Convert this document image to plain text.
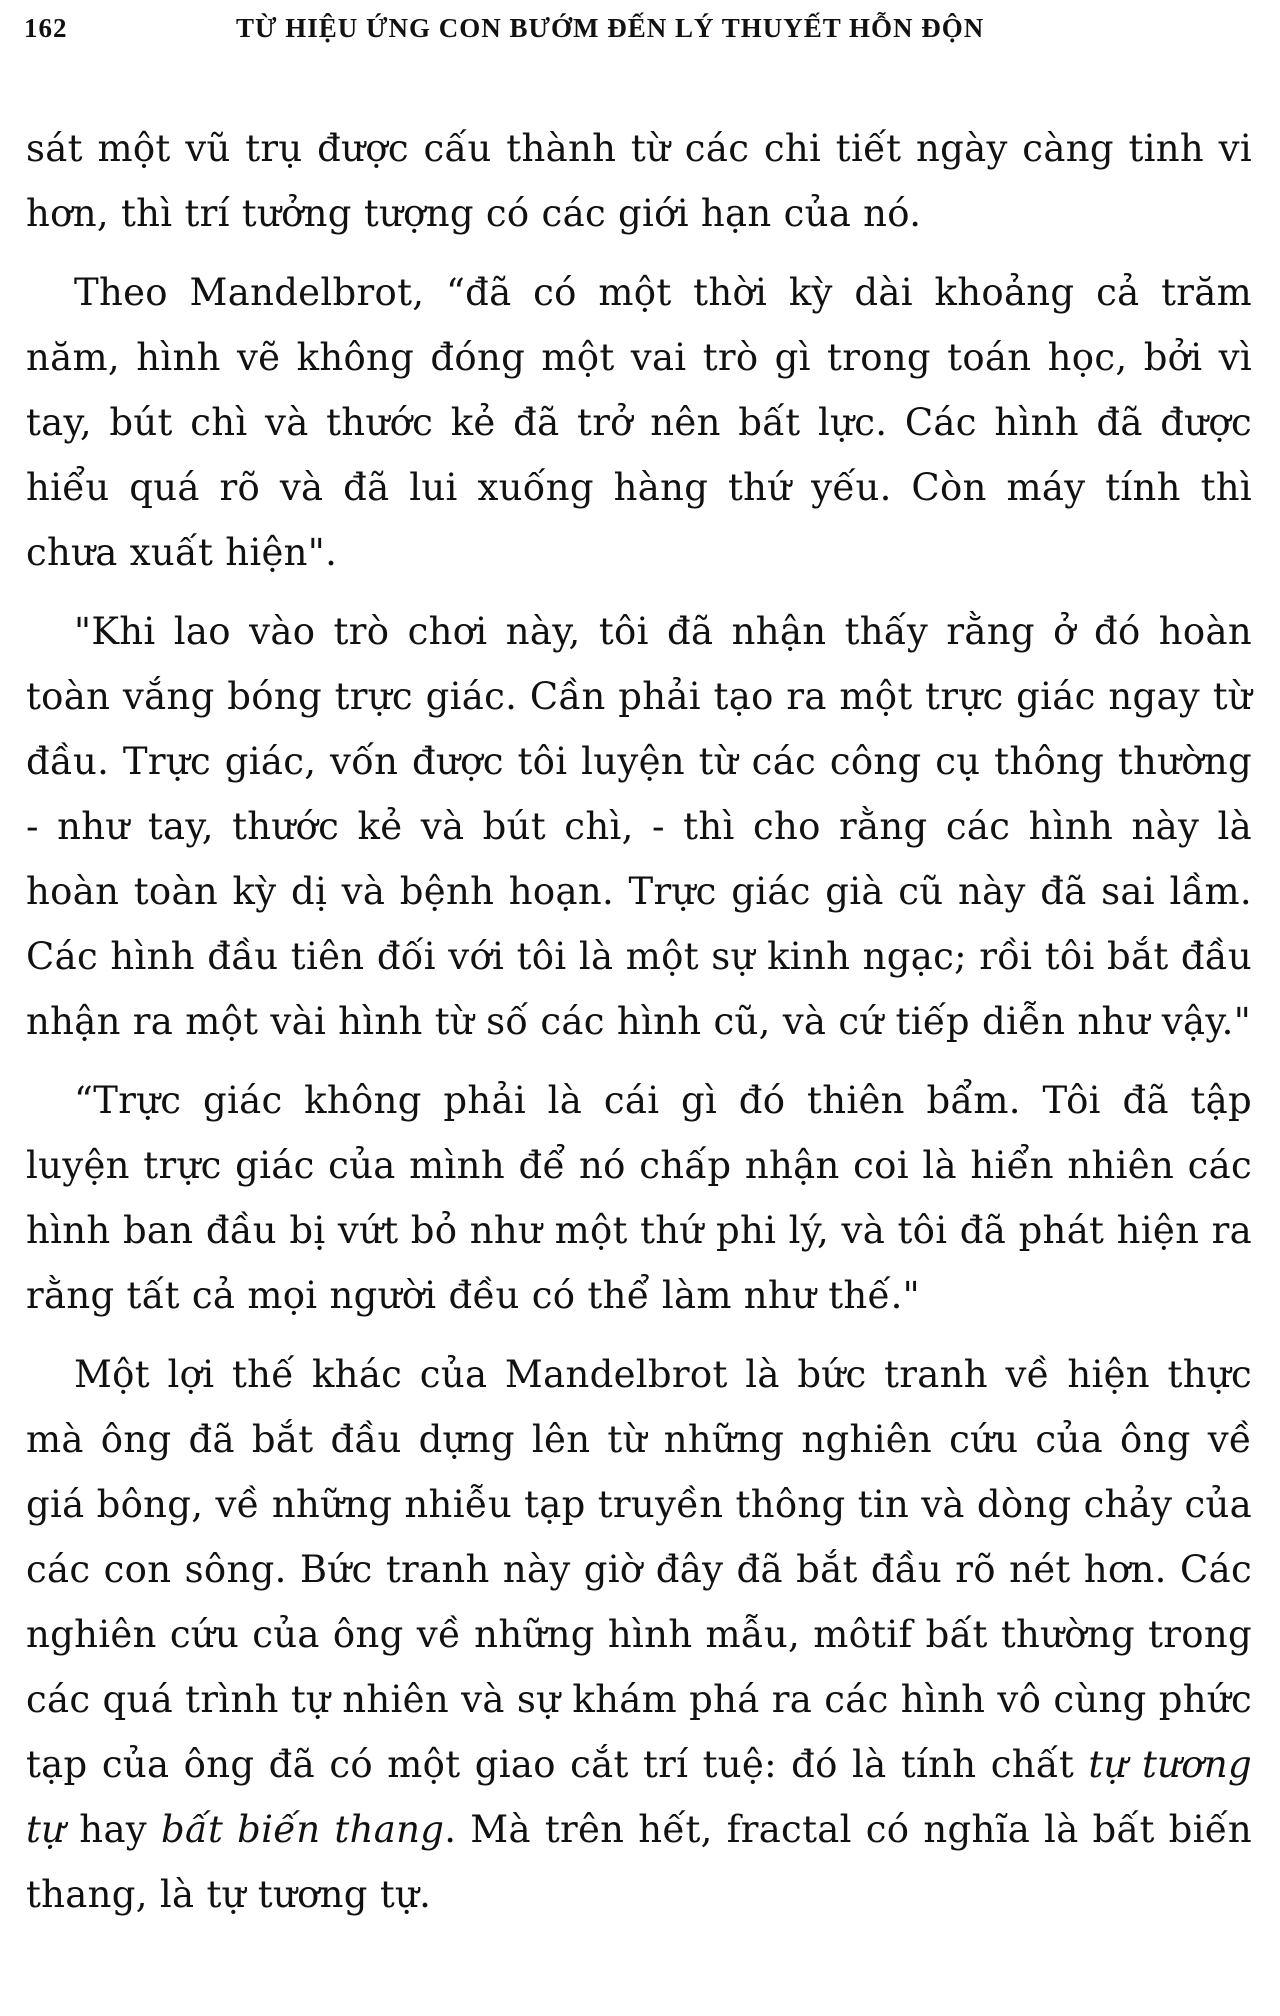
162	TỪ HIỆU ỨNG CON BƯỚM ĐẾN LÝ THUYẾT HỖN ĐỘN

sát một vũ trụ được cấu thành từ các chi tiết ngày càng tinh vi hơn, thì trí tưởng tượng có các giới hạn của nó.

Theo Mandelbrot, “đã có một thời kỳ dài khoảng cả trăm năm, hình vẽ không đóng một vai trò gì trong toán học, bởi vì tay, bút chì và thước kẻ đã trở nên bất lực. Các hình đã được hiểu quá rõ và đã lui xuống hàng thứ yếu. Còn máy tính thì chưa xuất hiện".

"Khi lao vào trò chơi này, tôi đã nhận thấy rằng ở đó hoàn toàn vắng bóng trực giác. Cần phải tạo ra một trực giác ngay từ đầu. Trực giác, vốn được tôi luyện từ các công cụ thông thường - như tay, thước kẻ và bút chì, - thì cho rằng các hình này là hoàn toàn kỳ dị và bệnh hoạn. Trực giác già cũ này đã sai lầm. Các hình đầu tiên đối với tôi là một sự kinh ngạc; rồi tôi bắt đầu nhận ra một vài hình từ số các hình cũ, và cứ tiếp diễn như vậy."

“Trực giác không phải là cái gì đó thiên bẩm. Tôi đã tập luyện trực giác của mình để nó chấp nhận coi là hiển nhiên các hình ban đầu bị vứt bỏ như một thứ phi lý, và tôi đã phát hiện ra rằng tất cả mọi người đều có thể làm như thế."

Một lợi thế khác của Mandelbrot là bức tranh về hiện thực mà ông đã bắt đầu dựng lên từ những nghiên cứu của ông về giá bông, về những nhiễu tạp truyền thông tin và dòng chảy của các con sông. Bức tranh này giờ đây đã bắt đầu rõ nét hơn. Các nghiên cứu của ông về những hình mẫu, môtif bất thường trong các quá trình tự nhiên và sự khám phá ra các hình vô cùng phức tạp của ông đã có một giao cắt trí tuệ: đó là tính chất tự tương tự hay bất biến thang. Mà trên hết, fractal có nghĩa là bất biến thang, là tự tương tự.
